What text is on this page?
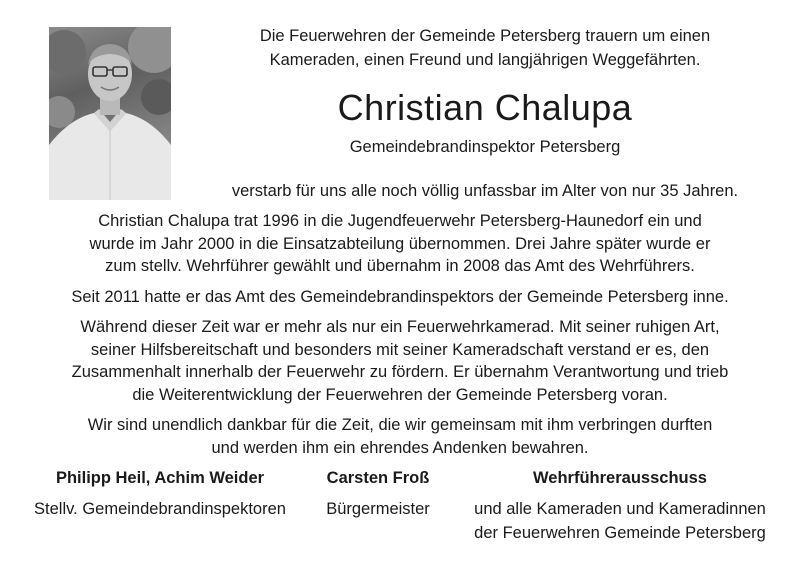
Die Feuerwehren der Gemeinde Petersberg trauern um einen
Kameraden, einen Freund und langjährigen Weggefährten.
Christian Chalupa
Gemeindebrandinspektor Petersberg
verstarb für uns alle noch völlig unfassbar im Alter von nur 35 Jahren.

Christian Chalupa trat 1996 in die Jugendfeuerwehr Petersberg-Haunedorf ein und
wurde im Jahr 2000 in die Einsatzabteilung übernommen. Drei Jahre später wurde er
zum stellv. Wehrführer gewählt und übernahm in 2008 das Amt des Wehrführers.

Seit 2011 hatte er das Amt des Gemeindebrandinspektors der Gemeinde Petersberg inne.

Während dieser Zeit war er mehr als nur ein Feuerwehrkamerad. Mit seiner ruhigen Art,
seiner Hilfsbereitschaft und besonders mit seiner Kameradschaft verstand er es, den
Zusammenhalt innerhalb der Feuerwehr zu fördern. Er übernahm Verantwortung und trieb
die Weiterentwicklung der Feuerwehren der Gemeinde Petersberg voran.

Wir sind unendlich dankbar für die Zeit, die wir gemeinsam mit ihm verbringen durften
und werden ihm ein ehrendes Andenken bewahren.

Philipp Heil, Achim Weider	Carsten Froß	Wehrführerausschuss
Stellv. Gemeindebrandinspektoren	Bürgermeister	und alle Kameraden und Kameradinnen
der Feuerwehren Gemeinde Petersberg
